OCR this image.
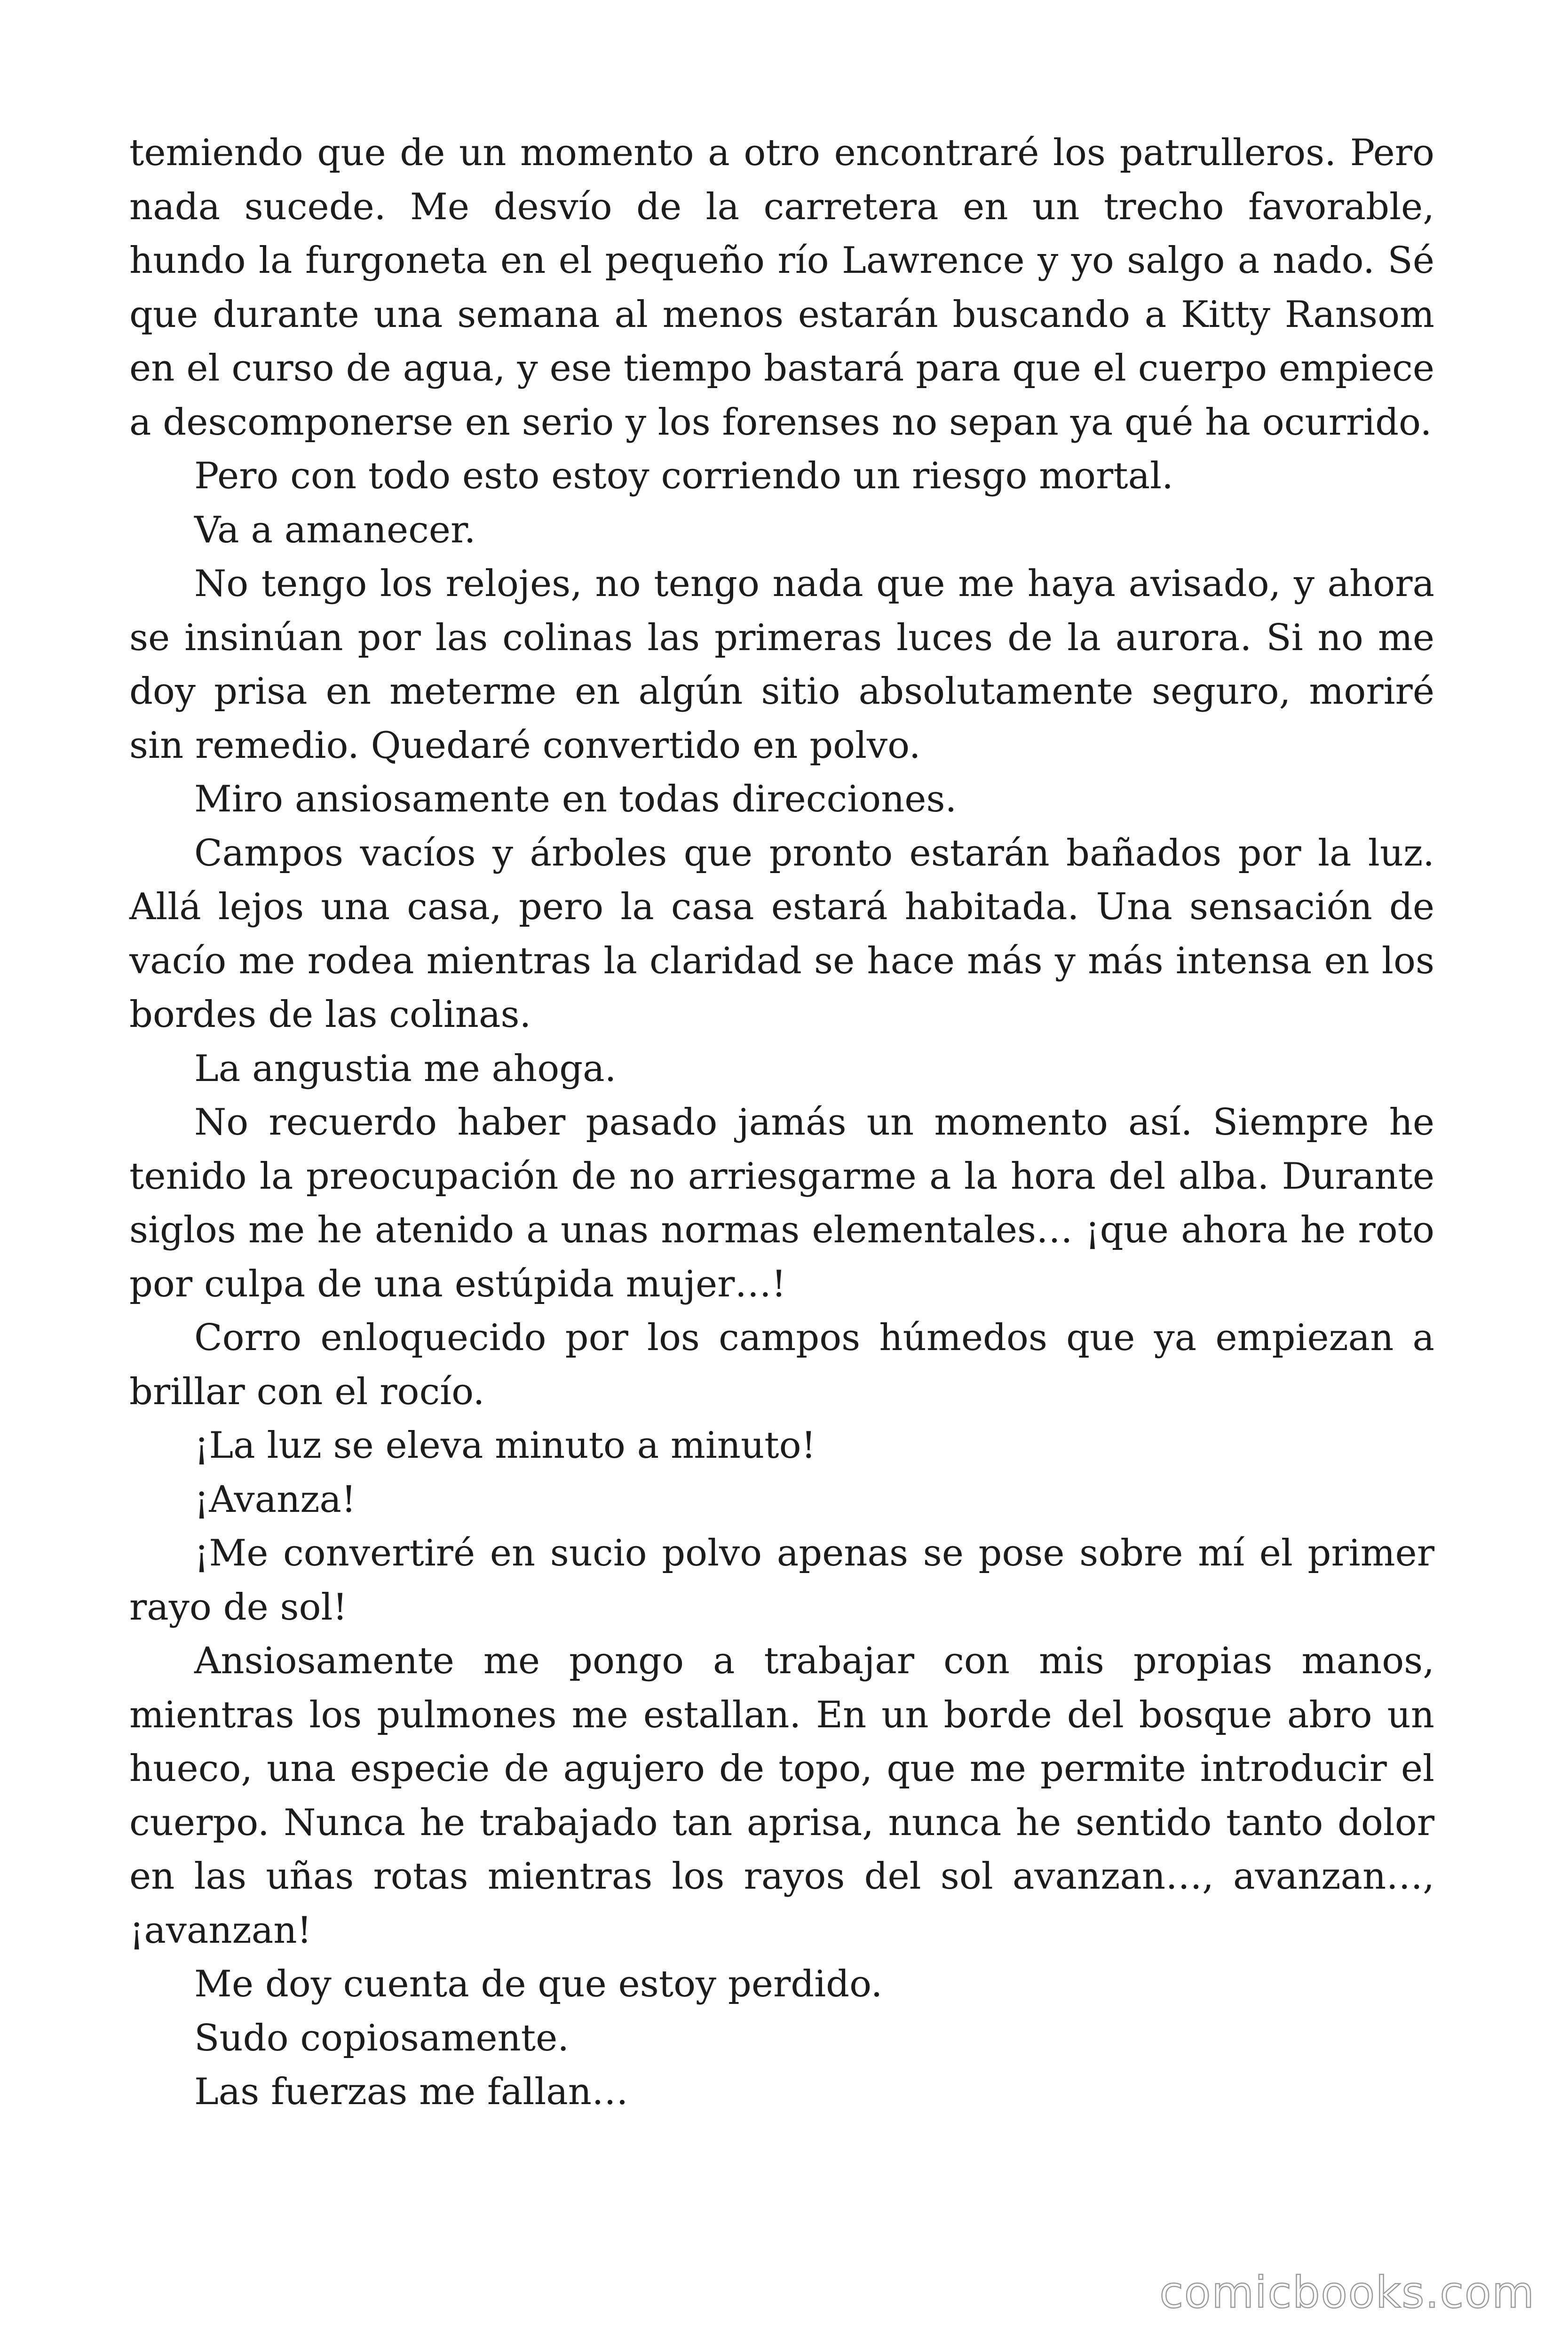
temiendo que de un momento a otro encontraré los patrulleros. Pero nada sucede. Me desvío de la carretera en un trecho favorable, hundo la furgoneta en el pequeño río Lawrence y yo salgo a nado. Sé que durante una semana al menos estarán buscando a Kitty Ransom en el curso de agua, y ese tiempo bastará para que el cuerpo empiece a descomponerse en serio y los forenses no sepan ya qué ha ocurrido.

Pero con todo esto estoy corriendo un riesgo mortal.

Va a amanecer.

No tengo los relojes, no tengo nada que me haya avisado, y ahora se insinúan por las colinas las primeras luces de la aurora. Si no me doy prisa en meterme en algún sitio absolutamente seguro, moriré sin remedio. Quedaré convertido en polvo.

Miro ansiosamente en todas direcciones.

Campos vacíos y árboles que pronto estarán bañados por la luz. Allá lejos una casa, pero la casa estará habitada. Una sensación de vacío me rodea mientras la claridad se hace más y más intensa en los bordes de las colinas.

La angustia me ahoga.

No recuerdo haber pasado jamás un momento así. Siempre he tenido la preocupación de no arriesgarme a la hora del alba. Durante siglos me he atenido a unas normas elementales… ¡que ahora he roto por culpa de una estúpida mujer…!

Corro enloquecido por los campos húmedos que ya empiezan a brillar con el rocío.

¡La luz se eleva minuto a minuto!

¡Avanza!

¡Me convertiré en sucio polvo apenas se pose sobre mí el primer rayo de sol!

Ansiosamente me pongo a trabajar con mis propias manos, mientras los pulmones me estallan. En un borde del bosque abro un hueco, una especie de agujero de topo, que me permite introducir el cuerpo. Nunca he trabajado tan aprisa, nunca he sentido tanto dolor en las uñas rotas mientras los rayos del sol avanzan…, avanzan…, ¡avanzan!

Me doy cuenta de que estoy perdido.

Sudo copiosamente.

Las fuerzas me fallan…

comicbooks.com
